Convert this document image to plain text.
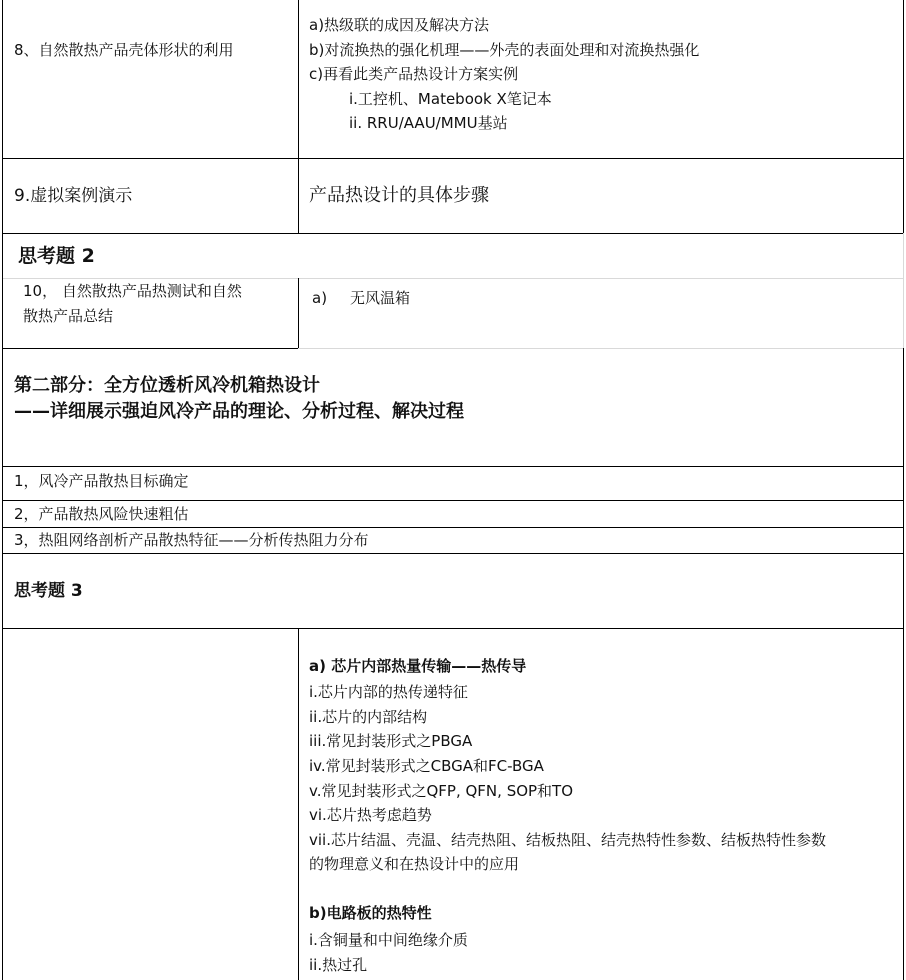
8、自然散热产品壳体形状的利用
a)热级联的成因及解决方法
b)对流换热的强化机理——外壳的表面处理和对流换热强化
c)再看此类产品热设计方案实例
i.工控机、Matebook X笔记本
ii. RRU/AAU/MMU基站
9.虚拟案例演示	产品热设计的具体步骤
思考题 2
10， 自然散热产品热测试和自然
散热产品总结
a) 无风温箱
第二部分：全方位透析风冷机箱热设计
——详细展示强迫风冷产品的理论、分析过程、解决过程
1，风冷产品散热目标确定
2，产品散热风险快速粗估
3，热阻网络剖析产品散热特征——分析传热阻力分布
思考题 3
a) 芯片内部热量传输——热传导
i.芯片内部的热传递特征
ii.芯片的内部结构
iii.常见封装形式之PBGA
iv.常见封装形式之CBGA和FC-BGA
v.常见封装形式之QFP, QFN, SOP和TO
vi.芯片热考虑趋势
vii.芯片结温、壳温、结壳热阻、结板热阻、结壳热特性参数、结板热特性参数
的物理意义和在热设计中的应用
b)电路板的热特性
i.含铜量和中间绝缘介质
ii.热过孔
